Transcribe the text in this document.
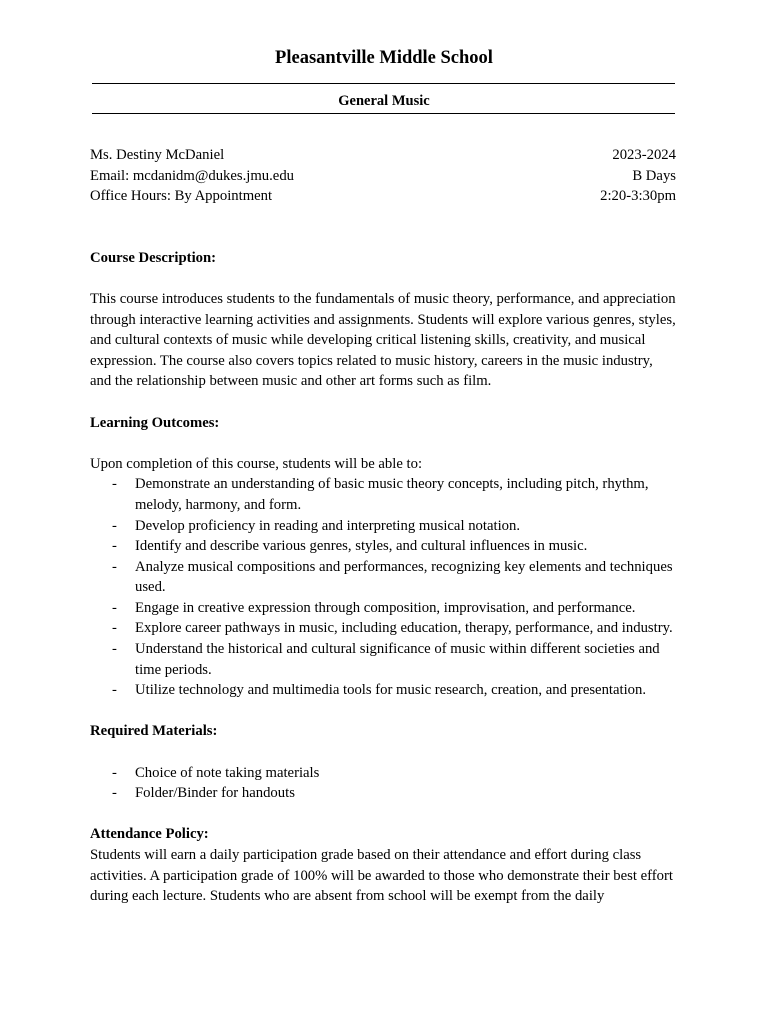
Pleasantville Middle School
General Music
Ms. Destiny McDaniel	2023-2024
Email: mcdanidm@dukes.jmu.edu	B Days
Office Hours: By Appointment	2:20-3:30pm
Course Description:

This course introduces students to the fundamentals of music theory, performance, and appreciation through interactive learning activities and assignments. Students will explore various genres, styles, and cultural contexts of music while developing critical listening skills, creativity, and musical expression. The course also covers topics related to music history, careers in the music industry, and the relationship between music and other art forms such as film.

Learning Outcomes:
Upon completion of this course, students will be able to:
- Demonstrate an understanding of basic music theory concepts, including pitch, rhythm, melody, harmony, and form.
- Develop proficiency in reading and interpreting musical notation.
- Identify and describe various genres, styles, and cultural influences in music.
- Analyze musical compositions and performances, recognizing key elements and techniques used.
- Engage in creative expression through composition, improvisation, and performance.
- Explore career pathways in music, including education, therapy, performance, and industry.
- Understand the historical and cultural significance of music within different societies and time periods.
- Utilize technology and multimedia tools for music research, creation, and presentation.
Required Materials:
- Choice of note taking materials
- Folder/Binder for handouts
Attendance Policy:

Students will earn a daily participation grade based on their attendance and effort during class activities. A participation grade of 100% will be awarded to those who demonstrate their best effort during each lecture. Students who are absent from school will be exempt from the daily
